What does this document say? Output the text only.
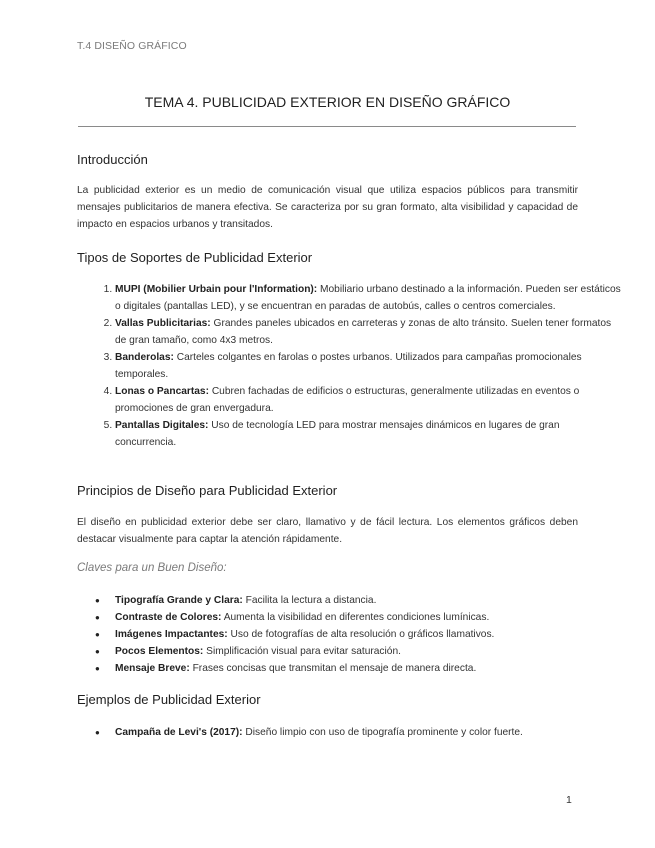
T.4 DISEÑO GRÁFICO
TEMA 4. PUBLICIDAD EXTERIOR EN DISEÑO GRÁFICO
Introducción

La publicidad exterior es un medio de comunicación visual que utiliza espacios públicos para transmitir mensajes publicitarios de manera efectiva. Se caracteriza por su gran formato, alta visibilidad y capacidad de impacto en espacios urbanos y transitados.

Tipos de Soportes de Publicidad Exterior
1. MUPI (Mobilier Urbain pour l'Information): Mobiliario urbano destinado a la información. Pueden ser estáticos o digitales (pantallas LED), y se encuentran en paradas de autobús, calles o centros comerciales.
2. Vallas Publicitarias: Grandes paneles ubicados en carreteras y zonas de alto tránsito. Suelen tener formatos de gran tamaño, como 4x3 metros.
3. Banderolas: Carteles colgantes en farolas o postes urbanos. Utilizados para campañas promocionales temporales.
4. Lonas o Pancartas: Cubren fachadas de edificios o estructuras, generalmente utilizadas en eventos o promociones de gran envergadura.
5. Pantallas Digitales: Uso de tecnología LED para mostrar mensajes dinámicos en lugares de gran concurrencia.
Principios de Diseño para Publicidad Exterior

El diseño en publicidad exterior debe ser claro, llamativo y de fácil lectura. Los elementos gráficos deben destacar visualmente para captar la atención rápidamente.

Claves para un Buen Diseño:
● Tipografía Grande y Clara: Facilita la lectura a distancia.
● Contraste de Colores: Aumenta la visibilidad en diferentes condiciones lumínicas.
● Imágenes Impactantes: Uso de fotografías de alta resolución o gráficos llamativos.
● Pocos Elementos: Simplificación visual para evitar saturación.
● Mensaje Breve: Frases concisas que transmitan el mensaje de manera directa.
Ejemplos de Publicidad Exterior
● Campaña de Levi's (2017): Diseño limpio con uso de tipografía prominente y color fuerte.
1
